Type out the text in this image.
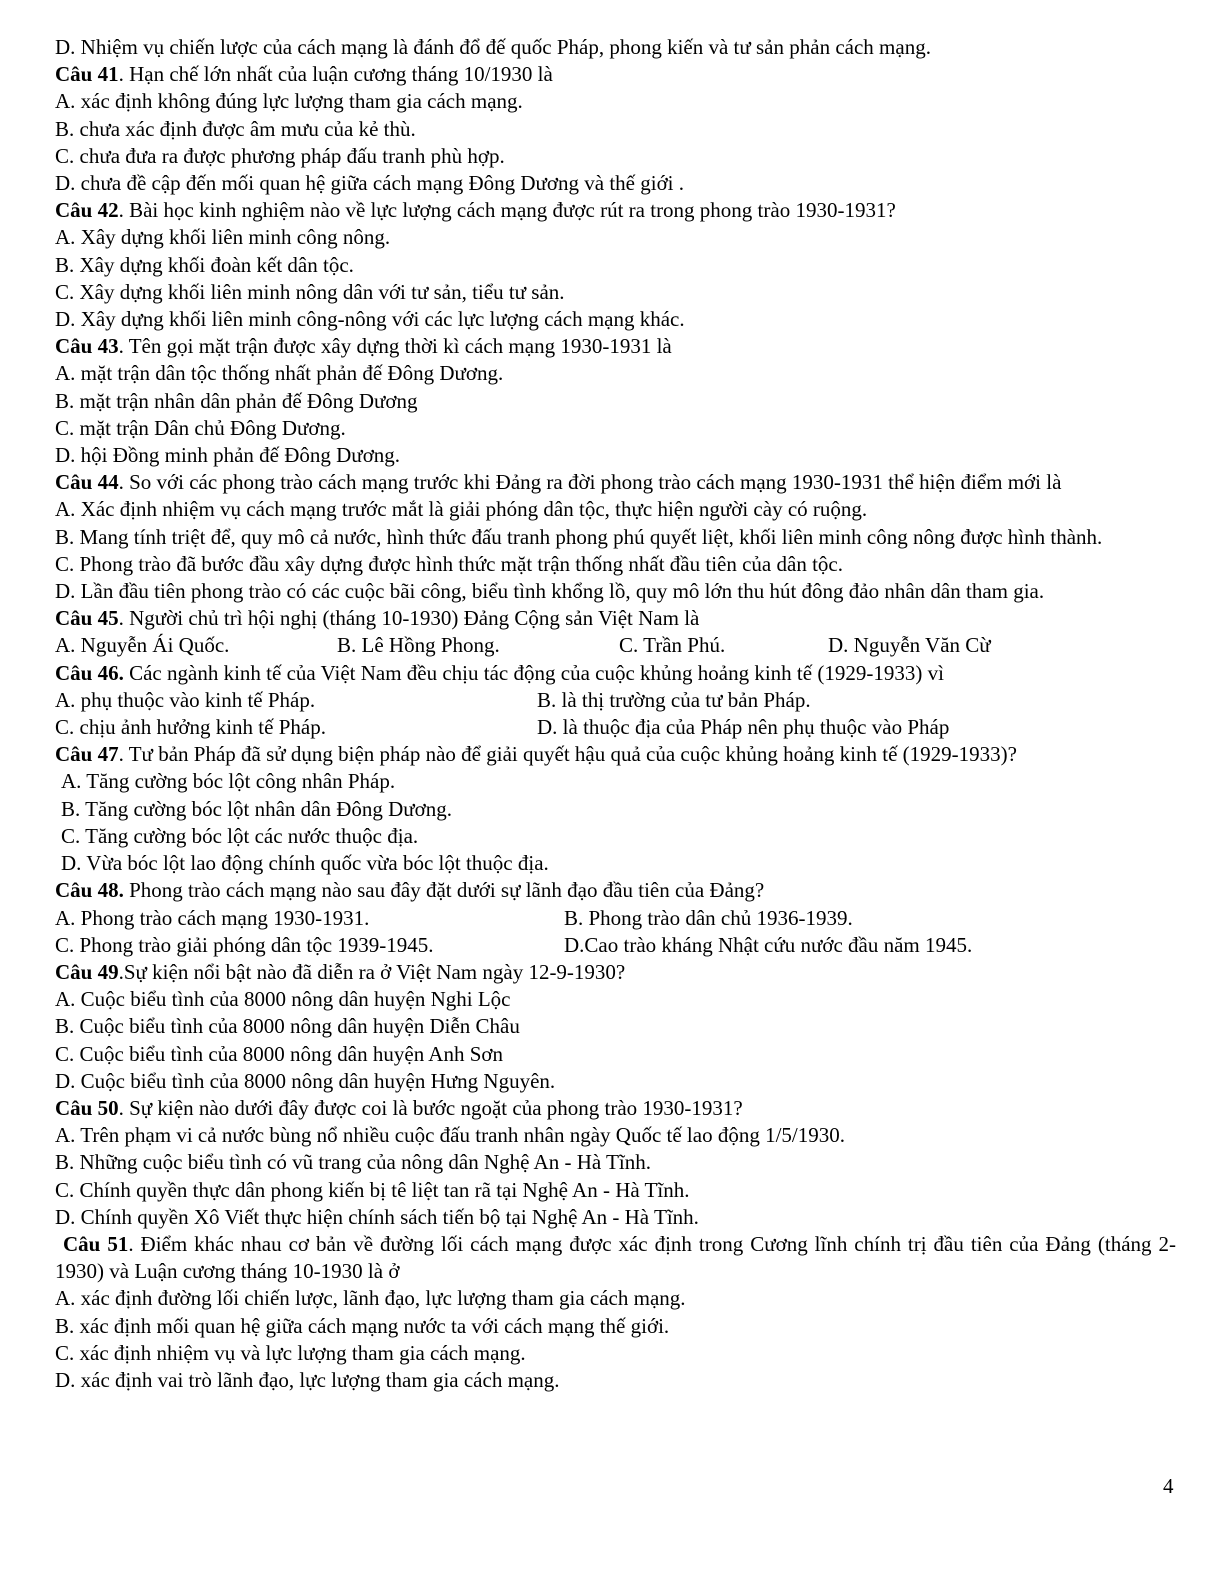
D. Nhiệm vụ chiến lược của cách mạng là đánh đổ đế quốc Pháp, phong kiến và tư sản phản cách mạng.
Câu 41. Hạn chế lớn nhất của luận cương tháng 10/1930 là
A. xác định không đúng lực lượng tham gia cách mạng.
B. chưa xác định được âm mưu của kẻ thù.
C. chưa đưa ra được phương pháp đấu tranh phù hợp.
D. chưa đề cập đến mối quan hệ giữa cách mạng Đông Dương và thế giới .
Câu 42. Bài học kinh nghiệm nào về lực lượng cách mạng được rút ra trong phong trào 1930-1931?
A. Xây dựng khối liên minh công nông.
B. Xây dựng khối đoàn kết dân tộc.
C. Xây dựng khối liên minh nông dân với tư sản, tiểu tư sản.
D. Xây dựng khối liên minh công-nông với các lực lượng cách mạng khác.
Câu 43. Tên gọi mặt trận được xây dựng thời kì cách mạng 1930-1931 là
A. mặt trận dân tộc thống nhất phản đế Đông Dương.
B. mặt trận nhân dân phản đế Đông Dương
C. mặt trận Dân chủ Đông Dương.
D. hội Đồng minh phản đế Đông Dương.
Câu 44. So với các phong trào cách mạng trước khi Đảng ra đời phong trào cách mạng 1930-1931 thể hiện điểm mới là
A. Xác định nhiệm vụ cách mạng trước mắt là giải phóng dân tộc, thực hiện người cày có ruộng.
B. Mang tính triệt để, quy mô cả nước, hình thức đấu tranh phong phú quyết liệt, khối liên minh công nông được hình thành.
C. Phong trào đã bước đầu xây dựng được hình thức mặt trận thống nhất đầu tiên của dân tộc.
D. Lần đầu tiên phong trào có các cuộc bãi công, biểu tình khổng lồ, quy mô lớn thu hút đông đảo nhân dân tham gia.
Câu 45. Người chủ trì hội nghị (tháng 10-1930) Đảng Cộng sản Việt Nam là
A. Nguyễn Ái Quốc.	B. Lê Hồng Phong.	C. Trần Phú.	D. Nguyễn Văn Cừ
Câu 46. Các ngành kinh tế của Việt Nam đều chịu tác động của cuộc khủng hoảng kinh tế (1929-1933) vì
A. phụ thuộc vào kinh tế Pháp.	B. là thị trường của tư bản Pháp.
C. chịu ảnh hưởng kinh tế Pháp.	D. là thuộc địa của Pháp nên phụ thuộc vào Pháp
Câu 47. Tư bản Pháp đã sử dụng biện pháp nào để giải quyết hậu quả của cuộc khủng hoảng kinh tế (1929-1933)?
A. Tăng cường bóc lột công nhân Pháp.
B. Tăng cường bóc lột nhân dân Đông Dương.
C. Tăng cường bóc lột các nước thuộc địa.
D. Vừa bóc lột lao động chính quốc vừa bóc lột thuộc địa.
Câu 48. Phong trào cách mạng nào sau đây đặt dưới sự lãnh đạo đầu tiên của Đảng?
A. Phong trào cách mạng 1930-1931.	B. Phong trào dân chủ 1936-1939.
C. Phong trào giải phóng dân tộc 1939-1945.	D.Cao trào kháng Nhật cứu nước đầu năm 1945.
Câu 49.Sự kiện nổi bật nào đã diễn ra ở Việt Nam ngày 12-9-1930?
A. Cuộc biểu tình của 8000 nông dân huyện Nghi Lộc
B. Cuộc biểu tình của 8000 nông dân huyện Diễn Châu
C. Cuộc biểu tình của 8000 nông dân huyện Anh Sơn
D. Cuộc biểu tình của 8000 nông dân huyện Hưng Nguyên.
Câu 50. Sự kiện nào dưới đây được coi là bước ngoặt của phong trào 1930-1931?
A. Trên phạm vi cả nước bùng nổ nhiều cuộc đấu tranh nhân ngày Quốc tế lao động 1/5/1930.
B. Những cuộc biểu tình có vũ trang của nông dân Nghệ An - Hà Tĩnh.
C. Chính quyền thực dân phong kiến bị tê liệt tan rã tại Nghệ An - Hà Tĩnh.
D. Chính quyền Xô Viết thực hiện chính sách tiến bộ tại Nghệ An - Hà Tĩnh.
Câu 51. Điểm khác nhau cơ bản về đường lối cách mạng được xác định trong Cương lĩnh chính trị đầu tiên của Đảng (tháng 2-1930) và Luận cương tháng 10-1930 là ở
A. xác định đường lối chiến lược, lãnh đạo, lực lượng tham gia cách mạng.
B. xác định mối quan hệ giữa cách mạng nước ta với cách mạng thế giới.
C. xác định nhiệm vụ và lực lượng tham gia cách mạng.
D. xác định vai trò lãnh đạo, lực lượng tham gia cách mạng.
4
